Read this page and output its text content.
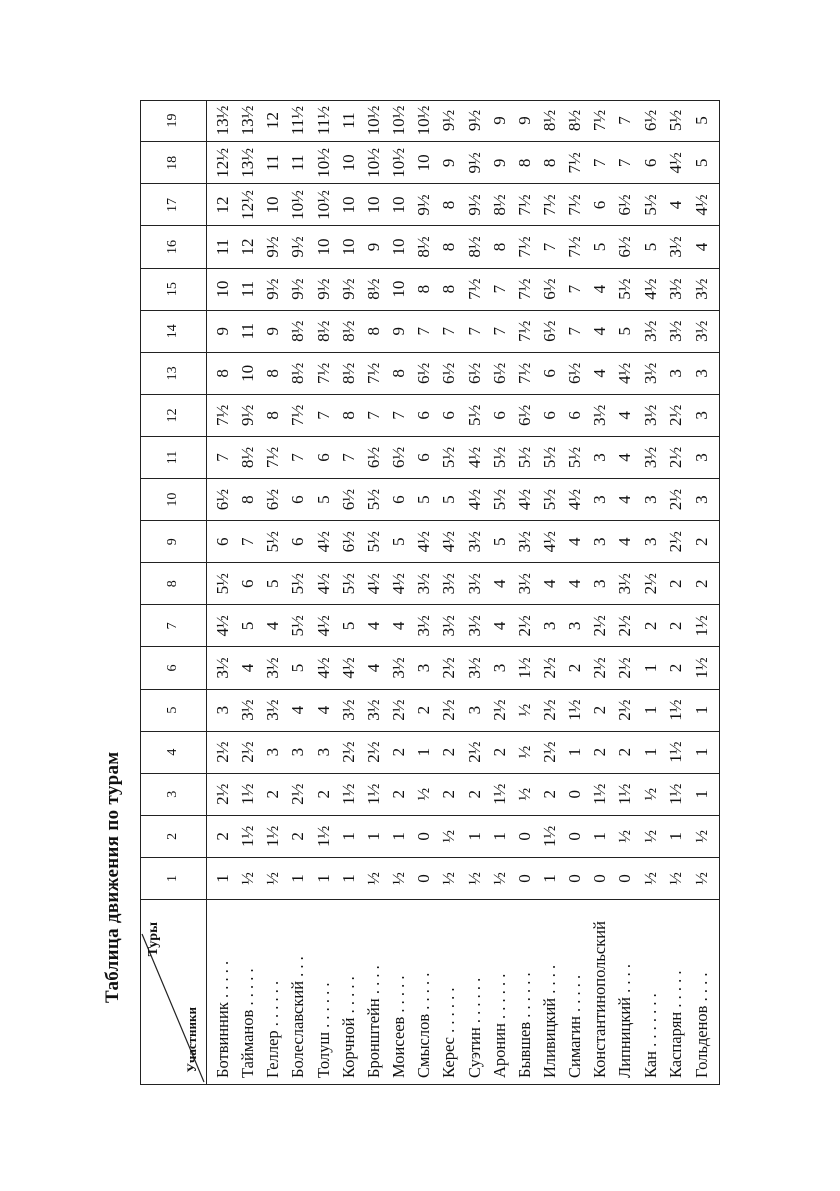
Таблица движения по турам Туры
Участники	1	2	3	4	5	6	7	8	9	10	11	12	13	14	15	16	17	18	19
Ботвинник . . . . .	1	2	2½	2½	3	3½	4½	5½	6	6½	7	7½	8	9	10	11	12	12½	13½
Тайманов . . . . .	½	1½	1½	2½	3½	4	5	6	7	8	8½	9½	10	11	11	12	12½	13½	13½
Геллер . . . . . .	½	1½	2	3	3½	3½	4	5	5½	6½	7½	8	8	9	9½	9½	10	11	12
Болеславский . . .	1	2	2½	3	4	5	5½	5½	6	6	7	7½	8½	8½	9½	9½	10½	11	11½
Толуш . . . . . .	1	1½	2	3	4	4½	4½	4½	4½	5	6	7	7½	8½	9½	10	10½	10½	11½
Корчной . . . . .	1	1	1½	2½	3½	4½	5	5½	6½	6½	7	8	8½	8½	9½	10	10	10	11
Бронштейн . . . .	½	1	1½	2½	3½	4	4	4½	5½	5½	6½	7	7½	8	8½	9	10	10½	10½
Моисеев . . . . .	½	1	2	2	2½	3½	4	4½	5	6	6½	7	8	9	10	10	10	10½	10½
Смыслов . . . . .	0	0	½	1	2	3	3½	3½	4½	5	6	6	6½	7	8	8½	9½	10	10½
Керес . . . . . .	½	½	2	2	2½	2½	3½	3½	4½	5	5½	6	6½	7	8	8	8	9	9½
Суэтин . . . . . .	½	1	2	2½	3	3½	3½	3½	3½	4½	4½	5½	6½	7	7½	8½	9½	9½	9½
Аронин . . . . . .	½	1	1½	2	2½	3	4	4	5	5½	5½	6	6½	7	7	8	8½	9	9
Бывшев . . . . . .	0	0	½	½	½	1½	2½	3½	3½	4½	5½	6½	7½	7½	7½	7½	7½	8	9
Иливицкий . . . .	1	1½	2	2½	2½	2½	3	4	4½	5½	5½	6	6	6½	6½	7	7½	8	8½
Симагин . . . . .	0	0	0	1	1½	2	3	4	4	4½	5½	6	6½	7	7	7½	7½	7½	8½
Константинопольский	0	1	1½	2	2	2½	2½	3	3	3	3	3½	4	4	4	5	6	7	7½
Липницкий . . . .	0	½	1½	2	2½	2½	2½	3½	4	4	4	4	4½	5	5½	6½	6½	7	7
Кан . . . . . . .	½	½	½	1	1	1	2	2½	3	3	3½	3½	3½	3½	4½	5	5½	6	6½
Каспарян . . . . .	½	1	1½	1½	1½	2	2	2	2½	2½	2½	2½	3	3½	3½	3½	4	4½	5½
Гольденов . . . .	½	½	1	1	1	1½	1½	2	2	3	3	3	3	3½	3½	4	4½	5	5
